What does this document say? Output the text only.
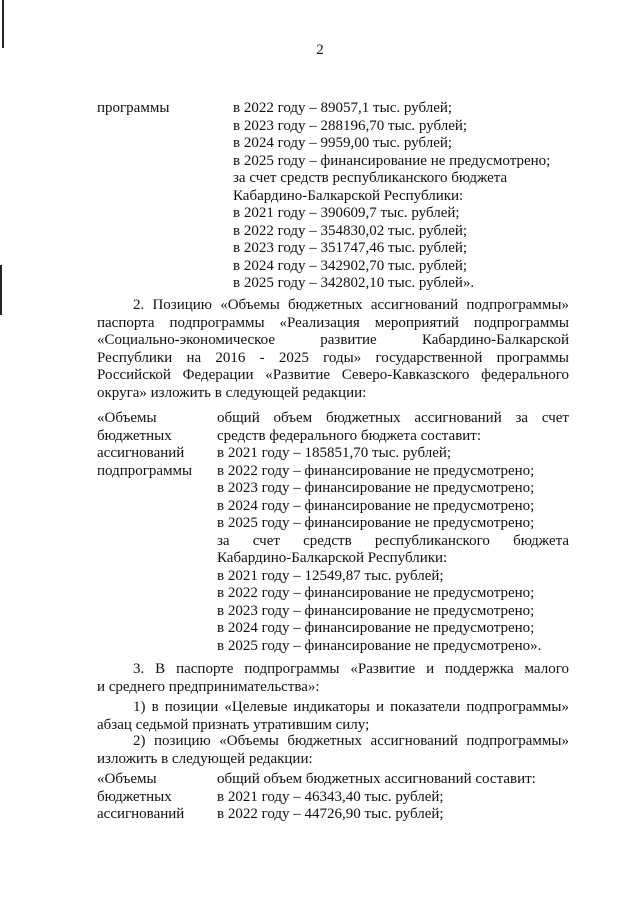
2
программы	в 2022 году – 89057,1 тыс. рублей;
в 2023 году – 288196,70 тыс. рублей;
в 2024 году – 9959,00 тыс. рублей;
в 2025 году – финансирование не предусмотрено;
за счет средств республиканского бюджета
Кабардино-Балкарской Республики:
в 2021 году – 390609,7 тыс. рублей;
в 2022 году – 354830,02 тыс. рублей;
в 2023 году – 351747,46 тыс. рублей;
в 2024 году – 342902,70 тыс. рублей;
в 2025 году – 342802,10 тыс. рублей».
2. Позицию «Объемы бюджетных ассигнований подпрограммы»
паспорта подпрограммы «Реализация мероприятий подпрограммы
«Социально-экономическое развитие Кабардино-Балкарской
Республики на 2016 - 2025 годы» государственной программы
Российской Федерации «Развитие Северо-Кавказского федерального
округа» изложить в следующей редакции:
«Объемы
бюджетных
ассигнований
подпрограммы
общий объем бюджетных ассигнований за счет
средств федерального бюджета составит:
в 2021 году – 185851,70 тыс. рублей;
в 2022 году – финансирование не предусмотрено;
в 2023 году – финансирование не предусмотрено;
в 2024 году – финансирование не предусмотрено;
в 2025 году – финансирование не предусмотрено;
за счет средств республиканского бюджета
Кабардино-Балкарской Республики:
в 2021 году – 12549,87 тыс. рублей;
в 2022 году – финансирование не предусмотрено;
в 2023 году – финансирование не предусмотрено;
в 2024 году – финансирование не предусмотрено;
в 2025 году – финансирование не предусмотрено».
3. В паспорте подпрограммы «Развитие и поддержка малого
и среднего предпринимательства»:
1) в позиции «Целевые индикаторы и показатели подпрограммы»
абзац седьмой признать утратившим силу;
2) позицию «Объемы бюджетных ассигнований подпрограммы»
изложить в следующей редакции:
«Объемы
бюджетных
ассигнований
общий объем бюджетных ассигнований составит:
в 2021 году – 46343,40 тыс. рублей;
в 2022 году – 44726,90 тыс. рублей;
